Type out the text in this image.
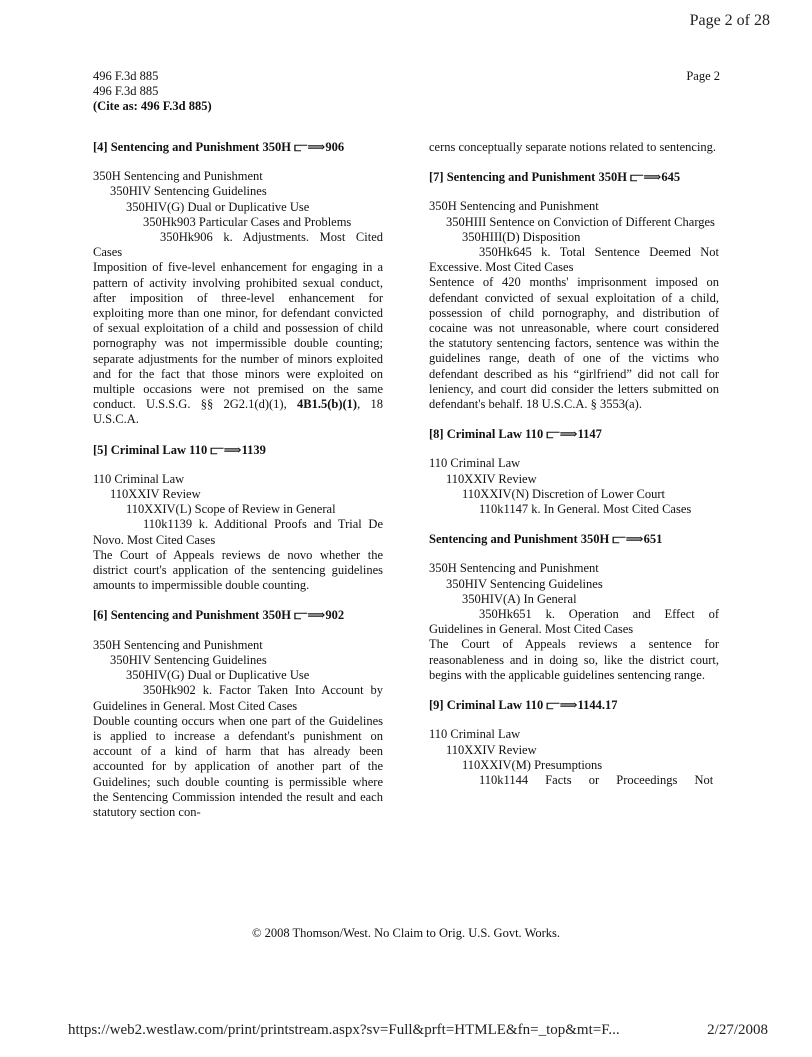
Page 2 of 28
496 F.3d 885
496 F.3d 885
(Cite as: 496 F.3d 885)
Page 2
[4] Sentencing and Punishment 350H ⫍⟹906

350H Sentencing and Punishment

350HIV Sentencing Guidelines

350HIV(G) Dual or Duplicative Use

350Hk903 Particular Cases and Problems

350Hk906 k. Adjustments. Most Cited Cases

Imposition of five-level enhancement for engaging in a pattern of activity involving prohibited sexual conduct, after imposition of three-level enhancement for exploiting more than one minor, for defendant convicted of sexual exploitation of a child and possession of child pornography was not impermissible double counting; separate adjustments for the number of minors exploited and for the fact that those minors were exploited on multiple occasions were not premised on the same conduct. U.S.S.G. §§ 2G2.1(d)(1), 4B1.5(b)(1), 18 U.S.C.A.

[5] Criminal Law 110 ⫍⟹1139

110 Criminal Law

110XXIV Review

110XXIV(L) Scope of Review in General

110k1139 k. Additional Proofs and Trial De Novo. Most Cited Cases

The Court of Appeals reviews de novo whether the district court's application of the sentencing guidelines amounts to impermissible double counting.

[6] Sentencing and Punishment 350H ⫍⟹902

350H Sentencing and Punishment

350HIV Sentencing Guidelines

350HIV(G) Dual or Duplicative Use

350Hk902 k. Factor Taken Into Account by Guidelines in General. Most Cited Cases

Double counting occurs when one part of the Guidelines is applied to increase a defendant's punishment on account of a kind of harm that has already been accounted for by application of another part of the Guidelines; such double counting is permissible where the Sentencing Commission intended the result and each statutory section con-

cerns conceptually separate notions related to sentencing.

[7] Sentencing and Punishment 350H ⫍⟹645

350H Sentencing and Punishment

350HIII Sentence on Conviction of Different Charges

350HIII(D) Disposition

350Hk645 k. Total Sentence Deemed Not Excessive. Most Cited Cases

Sentence of 420 months' imprisonment imposed on defendant convicted of sexual exploitation of a child, possession of child pornography, and distribution of cocaine was not unreasonable, where court considered the statutory sentencing factors, sentence was within the guidelines range, death of one of the victims who defendant described as his “girlfriend” did not call for leniency, and court did consider the letters submitted on defendant's behalf. 18 U.S.C.A. § 3553(a).

[8] Criminal Law 110 ⫍⟹1147

110 Criminal Law

110XXIV Review

110XXIV(N) Discretion of Lower Court

110k1147 k. In General. Most Cited Cases

Sentencing and Punishment 350H ⫍⟹651

350H Sentencing and Punishment

350HIV Sentencing Guidelines

350HIV(A) In General

350Hk651 k. Operation and Effect of Guidelines in General. Most Cited Cases

The Court of Appeals reviews a sentence for reasonableness and in doing so, like the district court, begins with the applicable guidelines sentencing range.

[9] Criminal Law 110 ⫍⟹1144.17

110 Criminal Law

110XXIV Review

110XXIV(M) Presumptions

110k1144 Facts or Proceedings Not

© 2008 Thomson/West. No Claim to Orig. U.S. Govt. Works.
https://web2.westlaw.com/print/printstream.aspx?sv=Full&prft=HTMLE&fn=_top&mt=F...	2/27/2008
